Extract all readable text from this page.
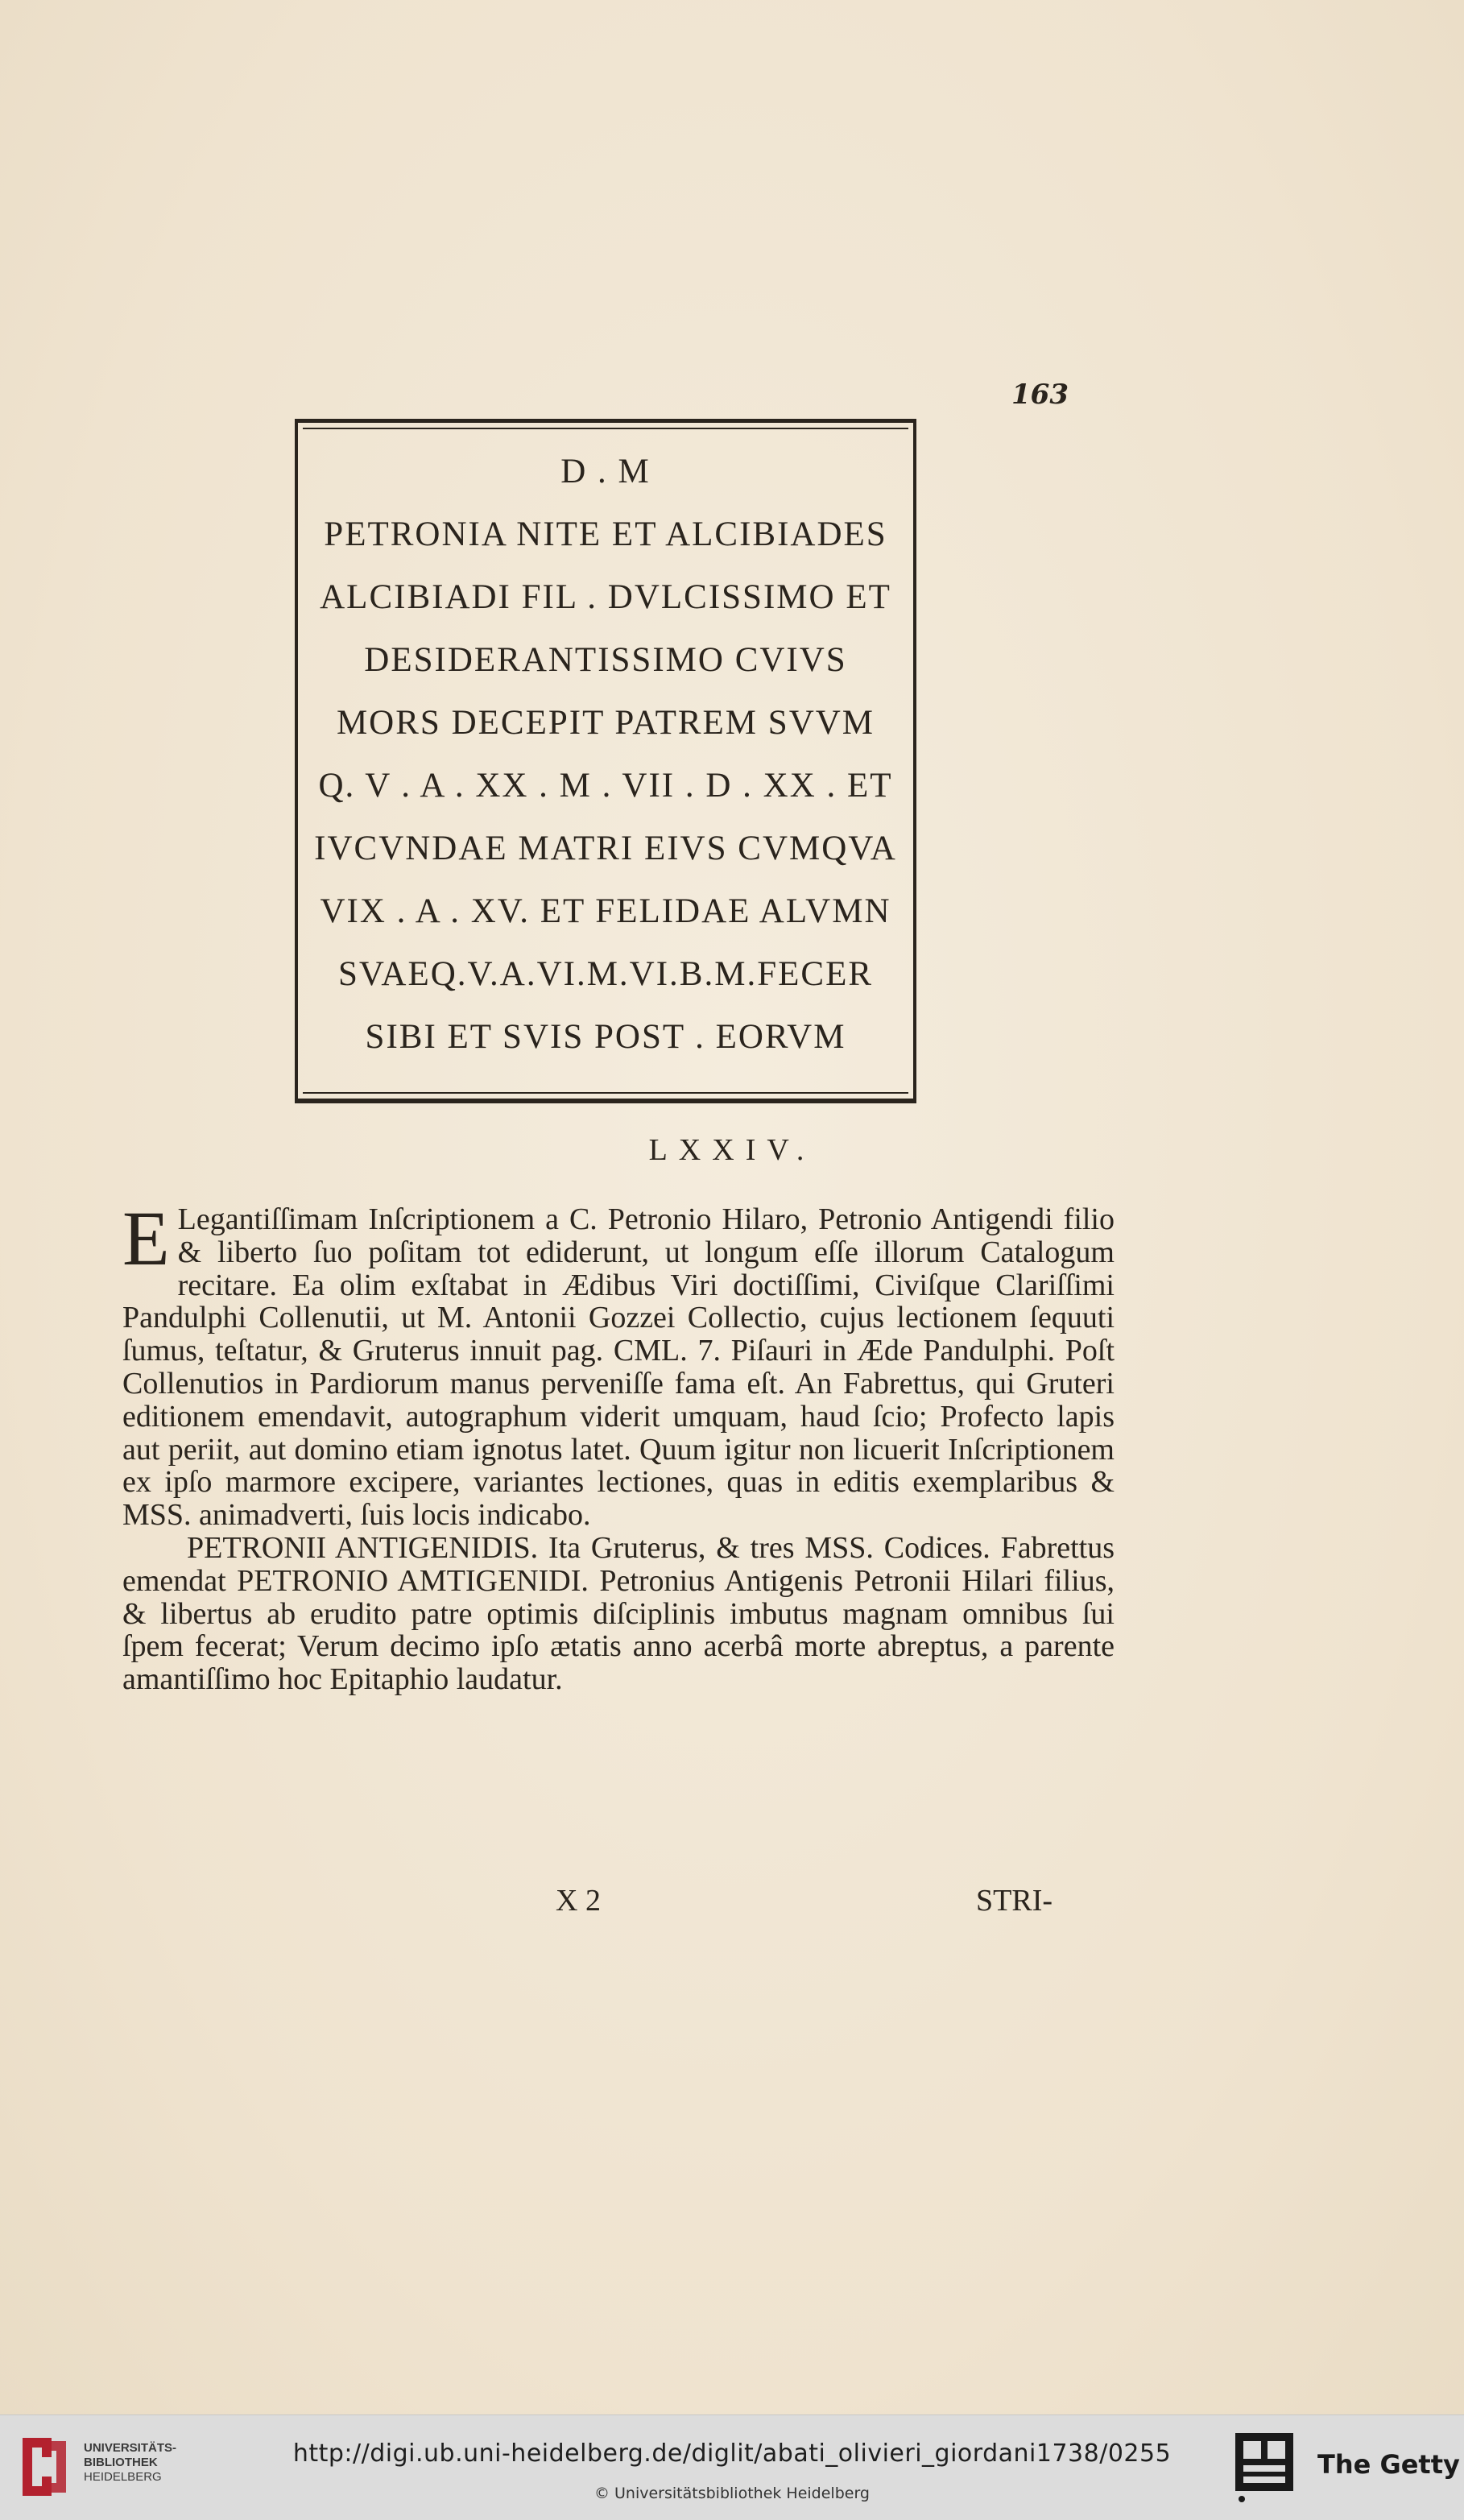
163
D . M
PETRONIA NITE ET ALCIBIADES
ALCIBIADI FIL . DVLCISSIMO ET
DESIDERANTISSIMO CVIVS
MORS DECEPIT PATREM SVVM
Q. V . A . XX . M . VII . D . XX . ET
IVCVNDAE MATRI EIVS CVMQVA
VIX . A . XV. ET FELIDAE ALVMN
SVAEQ.V.A.VI.M.VI.B.M.FECER
SIBI ET SVIS POST . EORVM
LXXIV.

E Legantiſſimam Inſcriptionem a C. Petronio Hilaro, Petronio Antigendi filio & liberto ſuo poſitam tot ediderunt, ut longum eſſe illorum Catalogum recitare. Ea olim exſtabat in Ædibus Viri doctiſſimi, Civiſque Clariſſimi Pandulphi Collenutii, ut M. Antonii Gozzei Collectio, cujus lectionem ſequuti ſumus, teſtatur, & Gruterus innuit pag. CML. 7. Piſauri in Æde Pandulphi. Poſt Collenutios in Pardiorum manus perveniſſe fama eſt. An Fabrettus, qui Gruteri editionem emendavit, autographum viderit umquam, haud ſcio; Profecto lapis aut periit, aut domino etiam ignotus latet. Quum igitur non licuerit Inſcriptionem ex ipſo marmore excipere, variantes lectiones, quas in editis exemplaribus & MSS. animadverti, ſuis locis indicabo.

PETRONII ANTIGENIDIS. Ita Gruterus, & tres MSS. Codices. Fabrettus emendat PETRONIO AMTIGENIDI. Petronius Antigenis Petronii Hilari filius, & libertus ab erudito patre optimis diſciplinis imbutus magnam omnibus ſui ſpem fecerat; Verum decimo ipſo ætatis anno acerbâ morte abreptus, a parente amantiſſimo hoc Epitaphio laudatur.

X 2	STRI-
UNIVERSITÄTS-
BIBLIOTHEK
HEIDELBERG
http://digi.ub.uni-heidelberg.de/diglit/abati_olivieri_giordani1738/0255
© Universitätsbibliothek Heidelberg
The Getty
